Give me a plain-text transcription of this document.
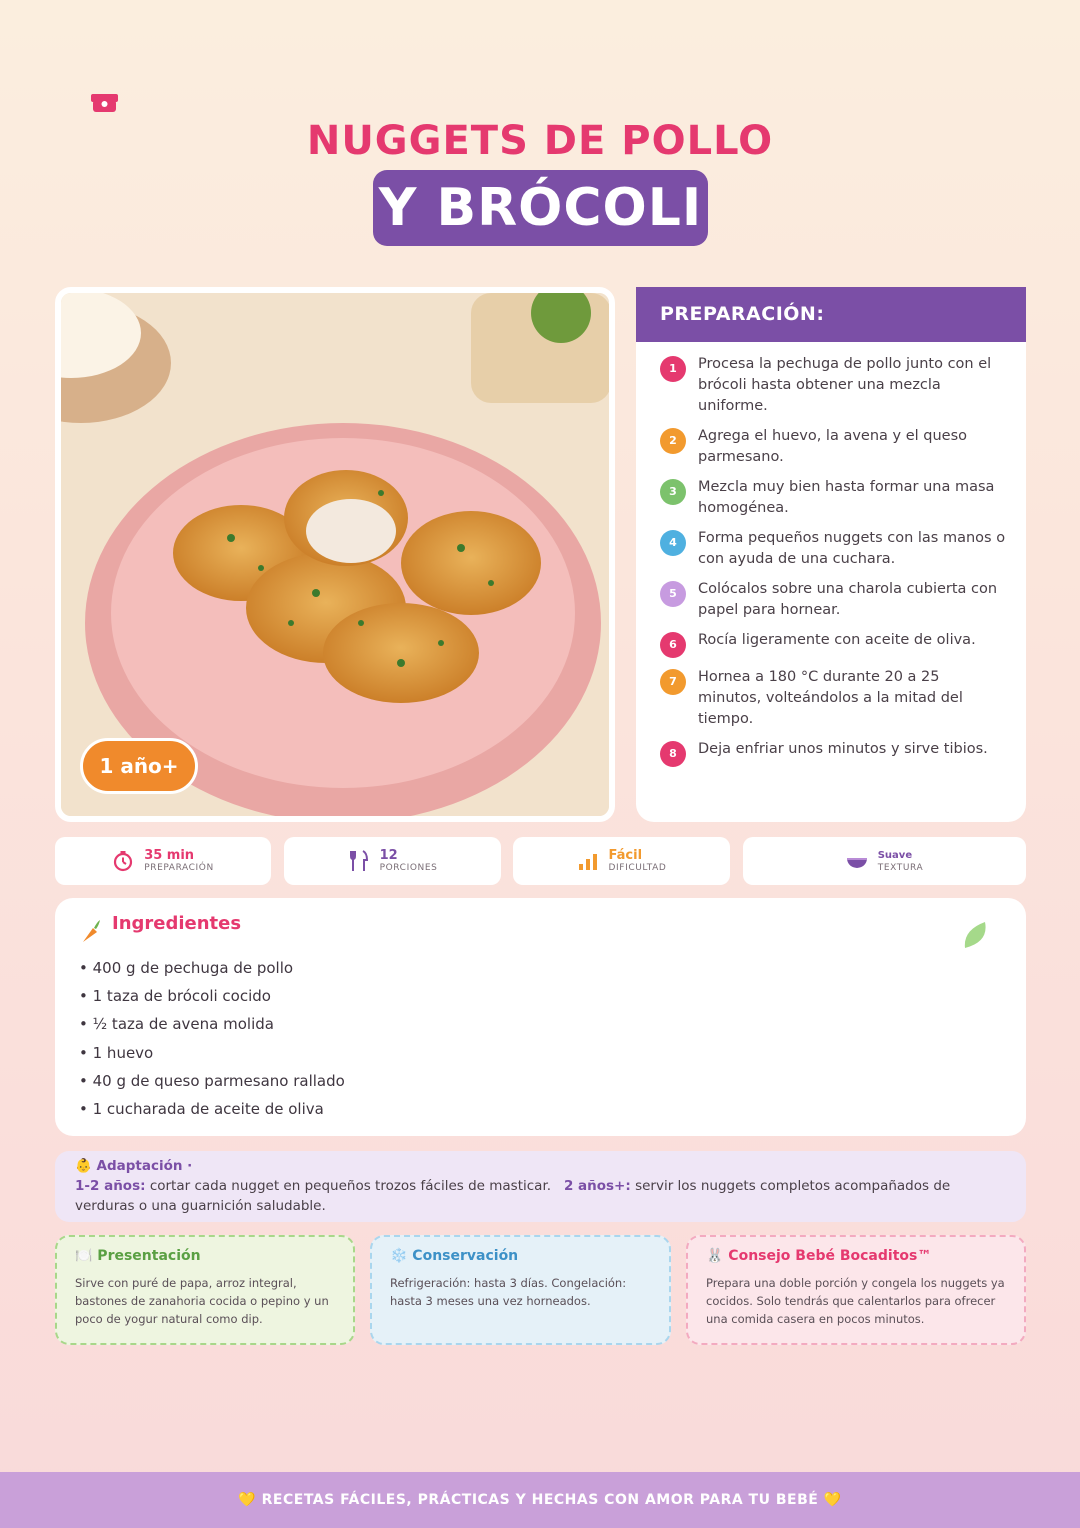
NUGGETS DE POLLO
Y BRÓCOLI
1 año+
PREPARACIÓN:
1	Procesa la pechuga de pollo junto con el brócoli hasta obtener una mezcla uniforme.
2	Agrega el huevo, la avena y el queso parmesano.
3	Mezcla muy bien hasta formar una masa homogénea.
4	Forma pequeños nuggets con las manos o con ayuda de una cuchara.
5	Colócalos sobre una charola cubierta con papel para hornear.
6	Rocía ligeramente con aceite de oliva.
7	Hornea a 180 °C durante 20 a 25 minutos, volteándolos a la mitad del tiempo.
8	Deja enfriar unos minutos y sirve tibios.
35 min
PREPARACIÓN
12
PORCIONES
Fácil
DIFICULTAD
Suave
TEXTURA
Ingredientes
• 400 g de pechuga de pollo
• 1 taza de brócoli cocido
• ½ taza de avena molida
• 1 huevo
• 40 g de queso parmesano rallado
• 1 cucharada de aceite de oliva
👶 Adaptación ·
1-2 años: cortar cada nugget en pequeños trozos fáciles de masticar. 2 años+: servir los nuggets completos acompañados de verduras o una guarnición saludable.
🍽️ Presentación
Sirve con puré de papa, arroz integral, bastones de zanahoria cocida o pepino y un poco de yogur natural como dip.
❄️ Conservación
Refrigeración: hasta 3 días. Congelación: hasta 3 meses una vez horneados.
🐰 Consejo Bebé Bocaditos™
Prepara una doble porción y congela los nuggets ya cocidos. Solo tendrás que calentarlos para ofrecer una comida casera en pocos minutos.
💛 RECETAS FÁCILES, PRÁCTICAS Y HECHAS CON AMOR PARA TU BEBÉ 💛
